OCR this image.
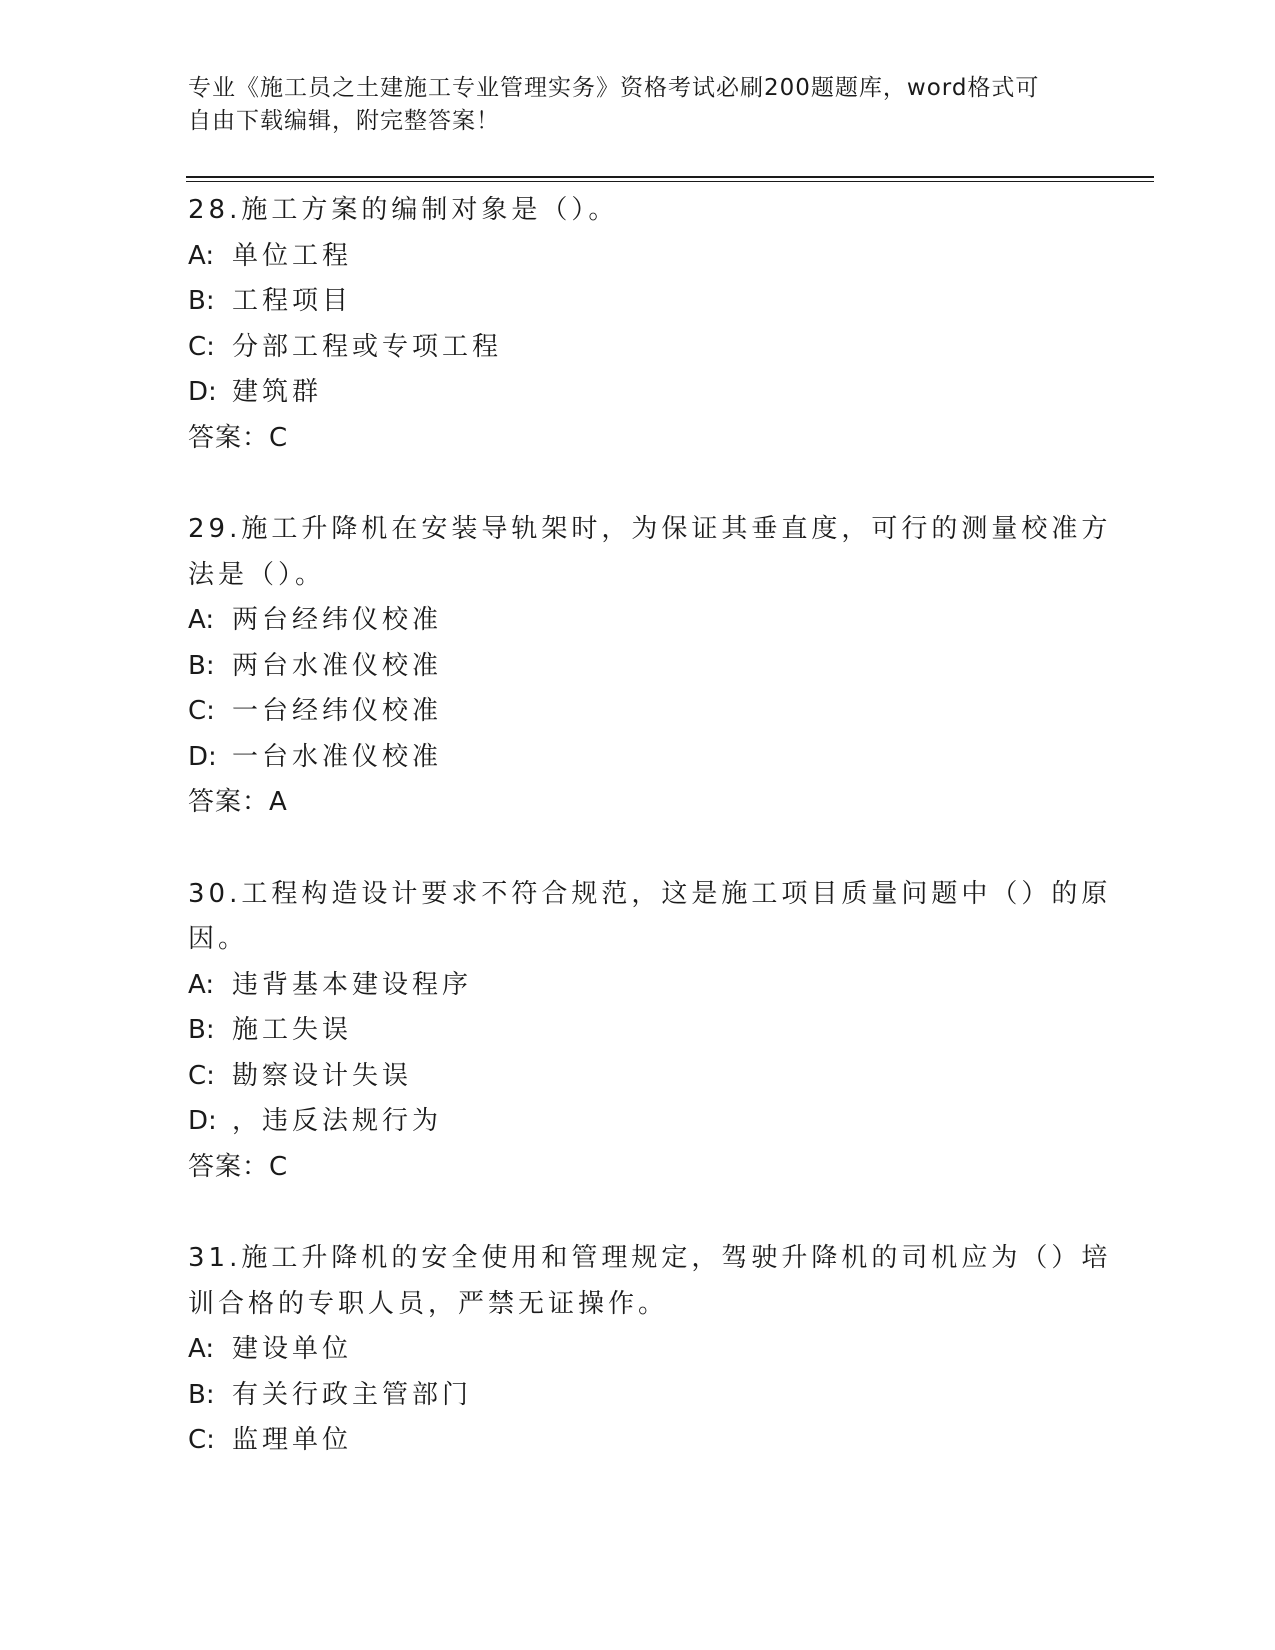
专业《施工员之土建施工专业管理实务》资格考试必刷200题题库，word格式可
自由下载编辑，附完整答案！
28.施工方案的编制对象是（）。
A: 单位工程
B: 工程项目
C: 分部工程或专项工程
D: 建筑群
答案：C
29.施工升降机在安装导轨架时，为保证其垂直度，可行的测量校准方
法是（）。
A: 两台经纬仪校准
B: 两台水准仪校准
C: 一台经纬仪校准
D: 一台水准仪校准
答案：A
30.工程构造设计要求不符合规范，这是施工项目质量问题中（）的原
因。
A: 违背基本建设程序
B: 施工失误
C: 勘察设计失误
D: ，违反法规行为
答案：C
31.施工升降机的安全使用和管理规定，驾驶升降机的司机应为（）培
训合格的专职人员，严禁无证操作。
A: 建设单位
B: 有关行政主管部门
C: 监理单位
